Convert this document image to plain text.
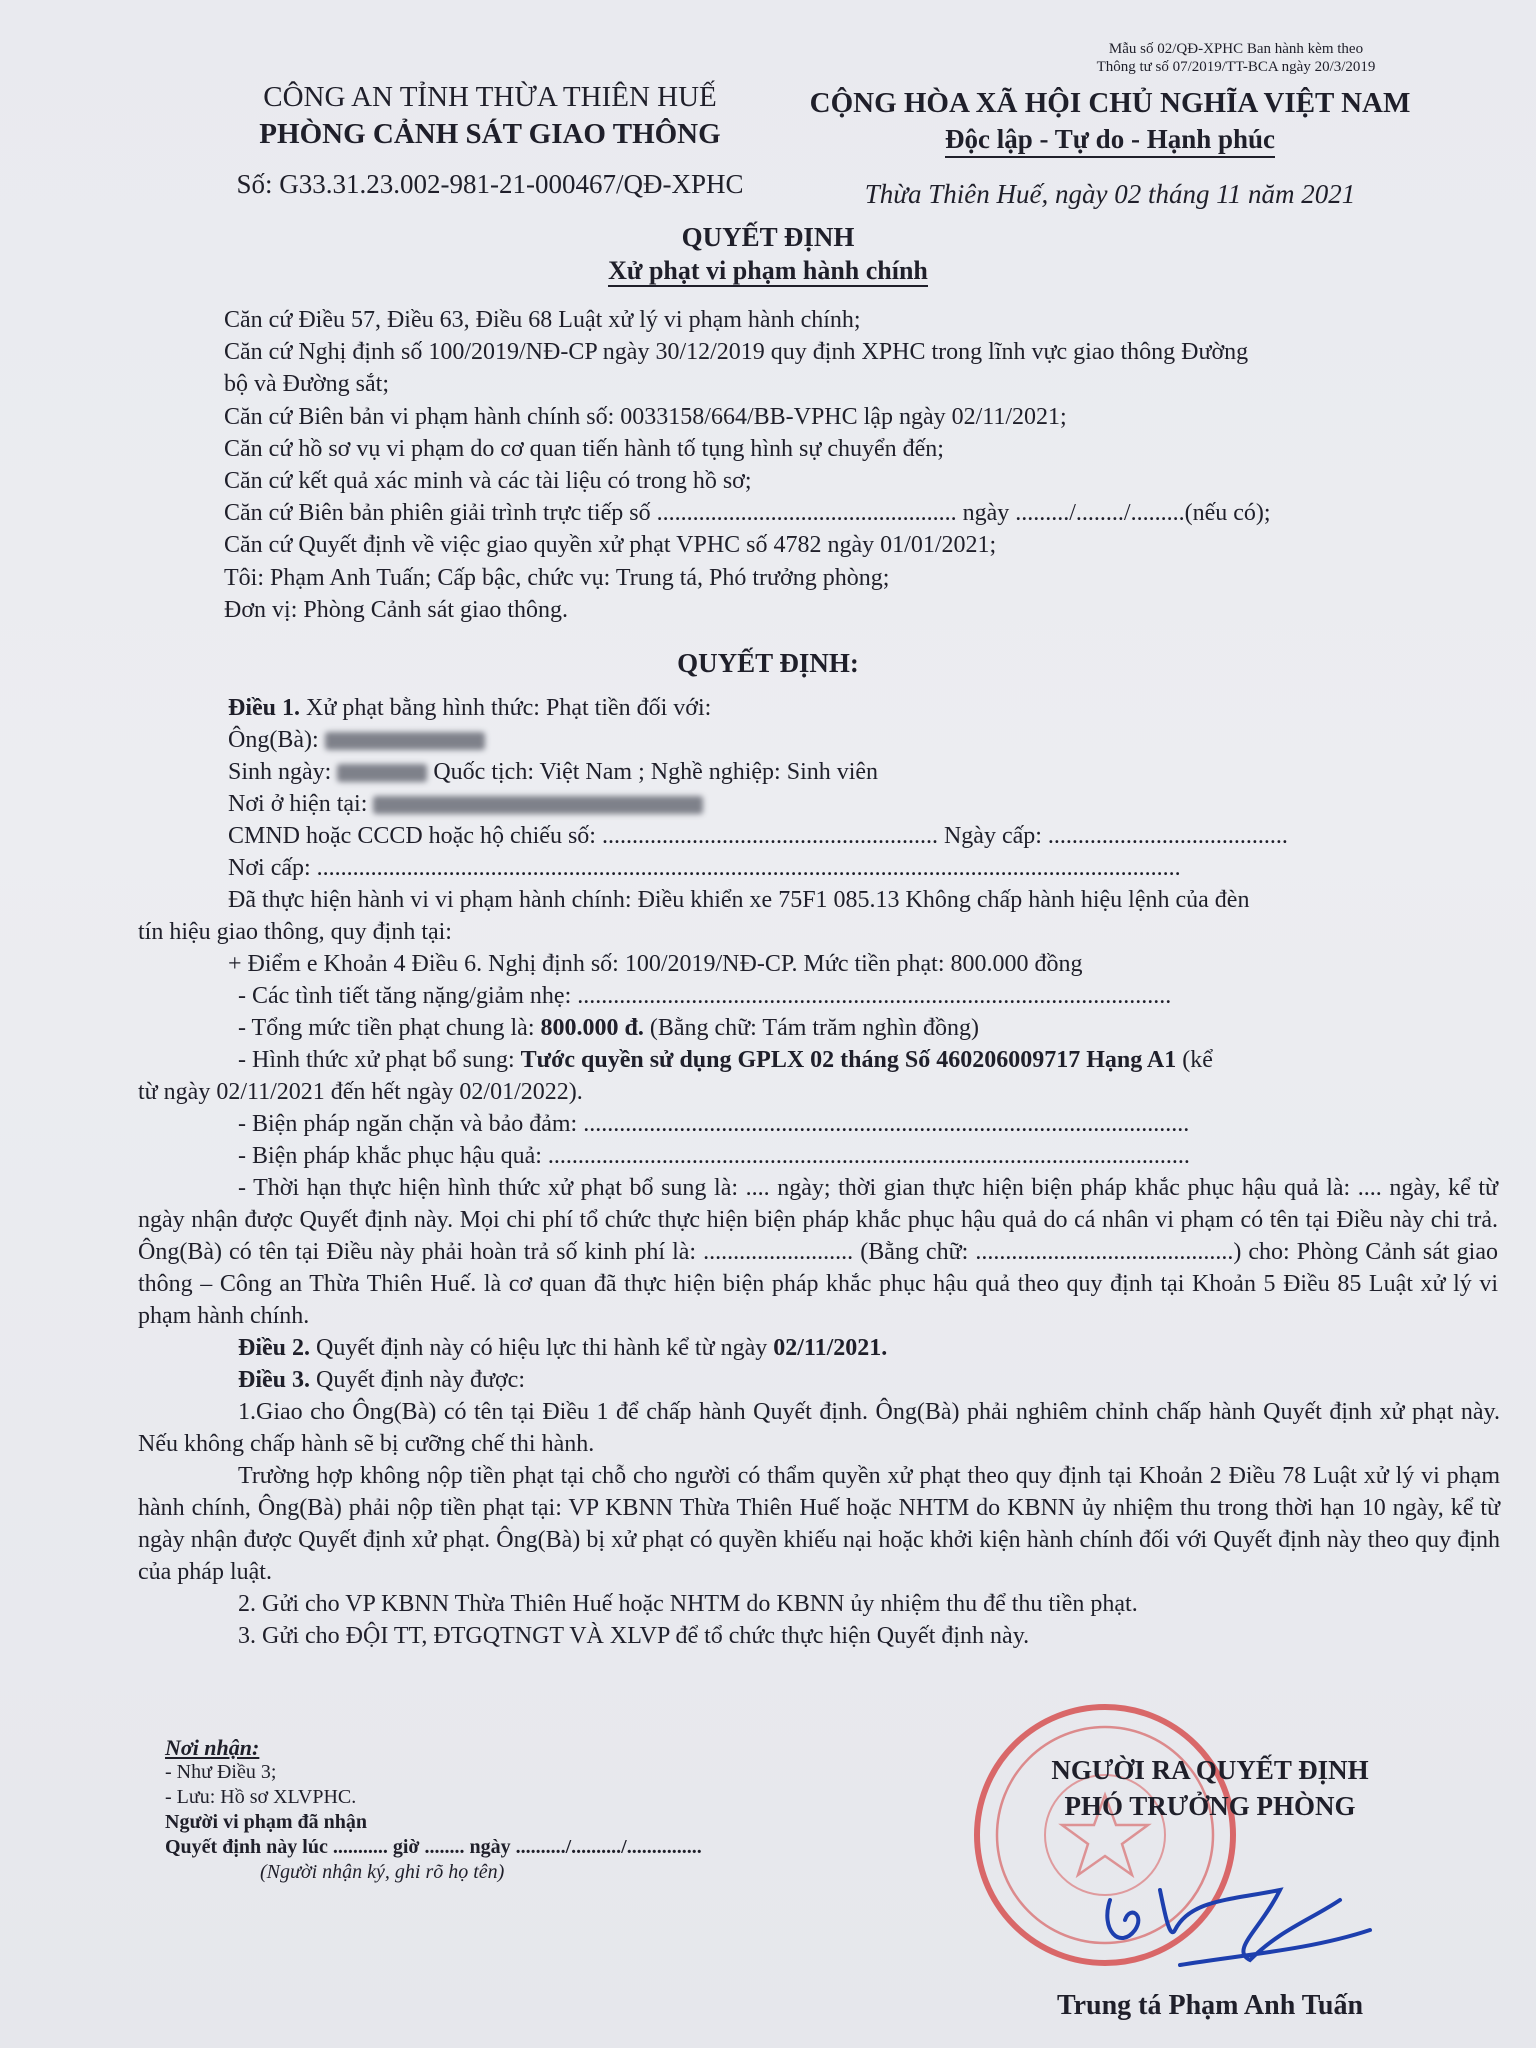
Mẫu số 02/QĐ-XPHC Ban hành kèm theo
Thông tư số 07/2019/TT-BCA ngày 20/3/2019
CÔNG AN TỈNH THỪA THIÊN HUẾ
PHÒNG CẢNH SÁT GIAO THÔNG
Số: G33.31.23.002-981-21-000467/QĐ-XPHC
CỘNG HÒA XÃ HỘI CHỦ NGHĨA VIỆT NAM
Độc lập - Tự do - Hạnh phúc
Thừa Thiên Huế, ngày 02 tháng 11 năm 2021
QUYẾT ĐỊNH
Xử phạt vi phạm hành chính
Căn cứ Điều 57, Điều 63, Điều 68 Luật xử lý vi phạm hành chính;
Căn cứ Nghị định số 100/2019/NĐ-CP ngày 30/12/2019 quy định XPHC trong lĩnh vực giao thông Đường
bộ và Đường sắt;
Căn cứ Biên bản vi phạm hành chính số: 0033158/664/BB-VPHC lập ngày 02/11/2021;
Căn cứ hồ sơ vụ vi phạm do cơ quan tiến hành tố tụng hình sự chuyển đến;
Căn cứ kết quả xác minh và các tài liệu có trong hồ sơ;
Căn cứ Biên bản phiên giải trình trực tiếp số .................................................. ngày ........./......../.........(nếu có);
Căn cứ Quyết định về việc giao quyền xử phạt VPHC số 4782 ngày 01/01/2021;
Tôi: Phạm Anh Tuấn; Cấp bậc, chức vụ: Trung tá, Phó trưởng phòng;
Đơn vị: Phòng Cảnh sát giao thông.
QUYẾT ĐỊNH:
Điều 1. Xử phạt bằng hình thức: Phạt tiền đối với:
Ông(Bà):
Sinh ngày:	Quốc tịch: Việt Nam ; Nghề nghiệp: Sinh viên
Nơi ở hiện tại:
CMND hoặc CCCD hoặc hộ chiếu số: ........................................................ Ngày cấp: ........................................
Nơi cấp: ................................................................................................................................................
Đã thực hiện hành vi vi phạm hành chính: Điều khiển xe 75F1 085.13 Không chấp hành hiệu lệnh của đèn
tín hiệu giao thông, quy định tại:
+ Điểm e Khoản 4 Điều 6. Nghị định số: 100/2019/NĐ-CP. Mức tiền phạt: 800.000 đồng
- Các tình tiết tăng nặng/giảm nhẹ: ...................................................................................................
- Tổng mức tiền phạt chung là: 800.000 đ. (Bằng chữ: Tám trăm nghìn đồng)
- Hình thức xử phạt bổ sung: Tước quyền sử dụng GPLX 02 tháng Số 460206009717 Hạng A1 (kể
từ ngày 02/11/2021 đến hết ngày 02/01/2022).
- Biện pháp ngăn chặn và bảo đảm: .....................................................................................................
- Biện pháp khắc phục hậu quả: ...........................................................................................................
- Thời hạn thực hiện hình thức xử phạt bổ sung là: .... ngày; thời gian thực hiện biện pháp khắc phục hậu quả là: .... ngày, kể từ ngày nhận được Quyết định này. Mọi chi phí tổ chức thực hiện biện pháp khắc phục hậu quả do cá nhân vi phạm có tên tại Điều này chi trả. Ông(Bà) có tên tại Điều này phải hoàn trả số kinh phí là: ......................... (Bằng chữ: ...........................................) cho: Phòng Cảnh sát giao thông – Công an Thừa Thiên Huế. là cơ quan đã thực hiện biện pháp khắc phục hậu quả theo quy định tại Khoản 5 Điều 85 Luật xử lý vi phạm hành chính.
Điều 2. Quyết định này có hiệu lực thi hành kể từ ngày 02/11/2021.
Điều 3. Quyết định này được:
1.Giao cho Ông(Bà) có tên tại Điều 1 để chấp hành Quyết định. Ông(Bà) phải nghiêm chỉnh chấp hành Quyết định xử phạt này. Nếu không chấp hành sẽ bị cưỡng chế thi hành.
Trường hợp không nộp tiền phạt tại chỗ cho người có thẩm quyền xử phạt theo quy định tại Khoản 2 Điều 78 Luật xử lý vi phạm hành chính, Ông(Bà) phải nộp tiền phạt tại: VP KBNN Thừa Thiên Huế hoặc NHTM do KBNN ủy nhiệm thu trong thời hạn 10 ngày, kể từ ngày nhận được Quyết định xử phạt. Ông(Bà) bị xử phạt có quyền khiếu nại hoặc khởi kiện hành chính đối với Quyết định này theo quy định của pháp luật.
2. Gửi cho VP KBNN Thừa Thiên Huế hoặc NHTM do KBNN ủy nhiệm thu để thu tiền phạt.
3. Gửi cho ĐỘI TT, ĐTGQTNGT VÀ XLVP để tổ chức thực hiện Quyết định này.
Nơi nhận:
- Như Điều 3;
- Lưu: Hồ sơ XLVPHC.
Người vi phạm đã nhận
Quyết định này lúc ........... giờ ........ ngày ........../........../...............
(Người nhận ký, ghi rõ họ tên)
NGƯỜI RA QUYẾT ĐỊNH
PHÓ TRƯỞNG PHÒNG
Trung tá Phạm Anh Tuấn
